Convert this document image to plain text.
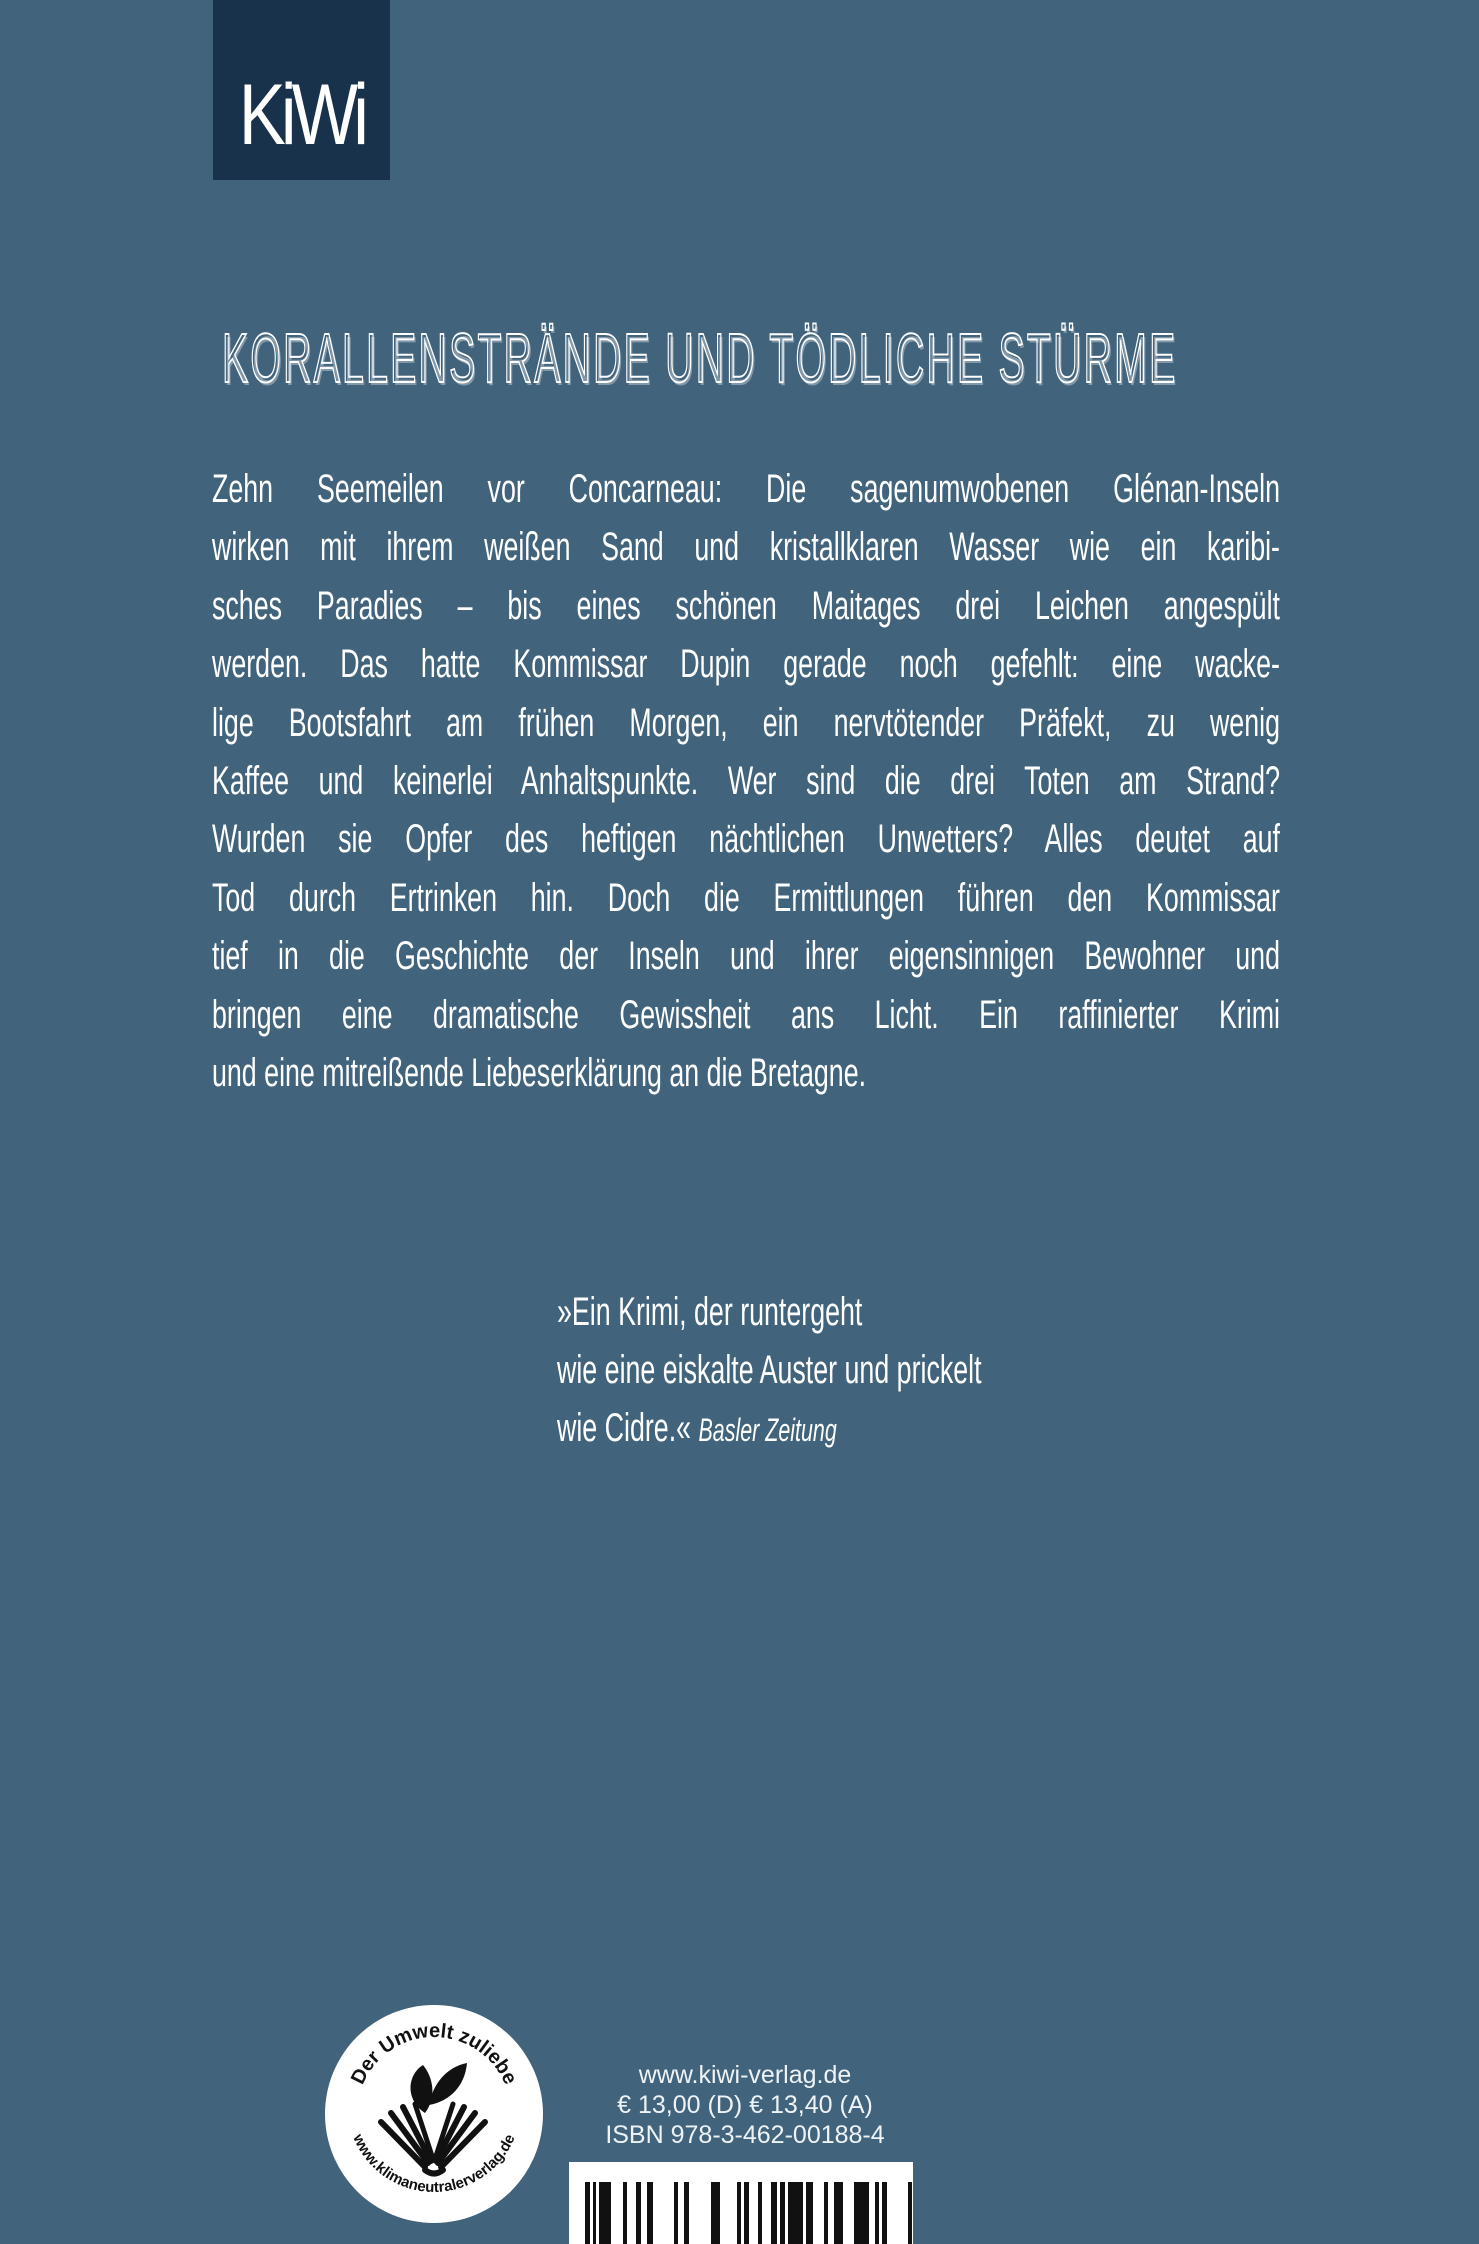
KiWi
KORALLENSTRÄNDE UND TÖDLICHE STÜRME
Zehn Seemeilen vor Concarneau: Die sagenumwobenen Glénan-Inseln
wirken mit ihrem weißen Sand und kristallklaren Wasser wie ein karibi-
sches Paradies – bis eines schönen Maitages drei Leichen angespült
werden. Das hatte Kommissar Dupin gerade noch gefehlt: eine wacke-
lige Bootsfahrt am frühen Morgen, ein nervtötender Präfekt, zu wenig
Kaffee und keinerlei Anhaltspunkte. Wer sind die drei Toten am Strand?
Wurden sie Opfer des heftigen nächtlichen Unwetters? Alles deutet auf
Tod durch Ertrinken hin. Doch die Ermittlungen führen den Kommissar
tief in die Geschichte der Inseln und ihrer eigensinnigen Bewohner und
bringen eine dramatische Gewissheit ans Licht. Ein raffinierter Krimi
und eine mitreißende Liebeserklärung an die Bretagne.
»Ein Krimi, der runtergeht
wie eine eiskalte Auster und prickelt
wie Cidre.« Basler Zeitung
Der Umwelt zuliebe
www.klimaneutralerverlag.de
www.kiwi-verlag.de
€ 13,00 (D) € 13,40 (A)
ISBN 978-3-462-00188-4
